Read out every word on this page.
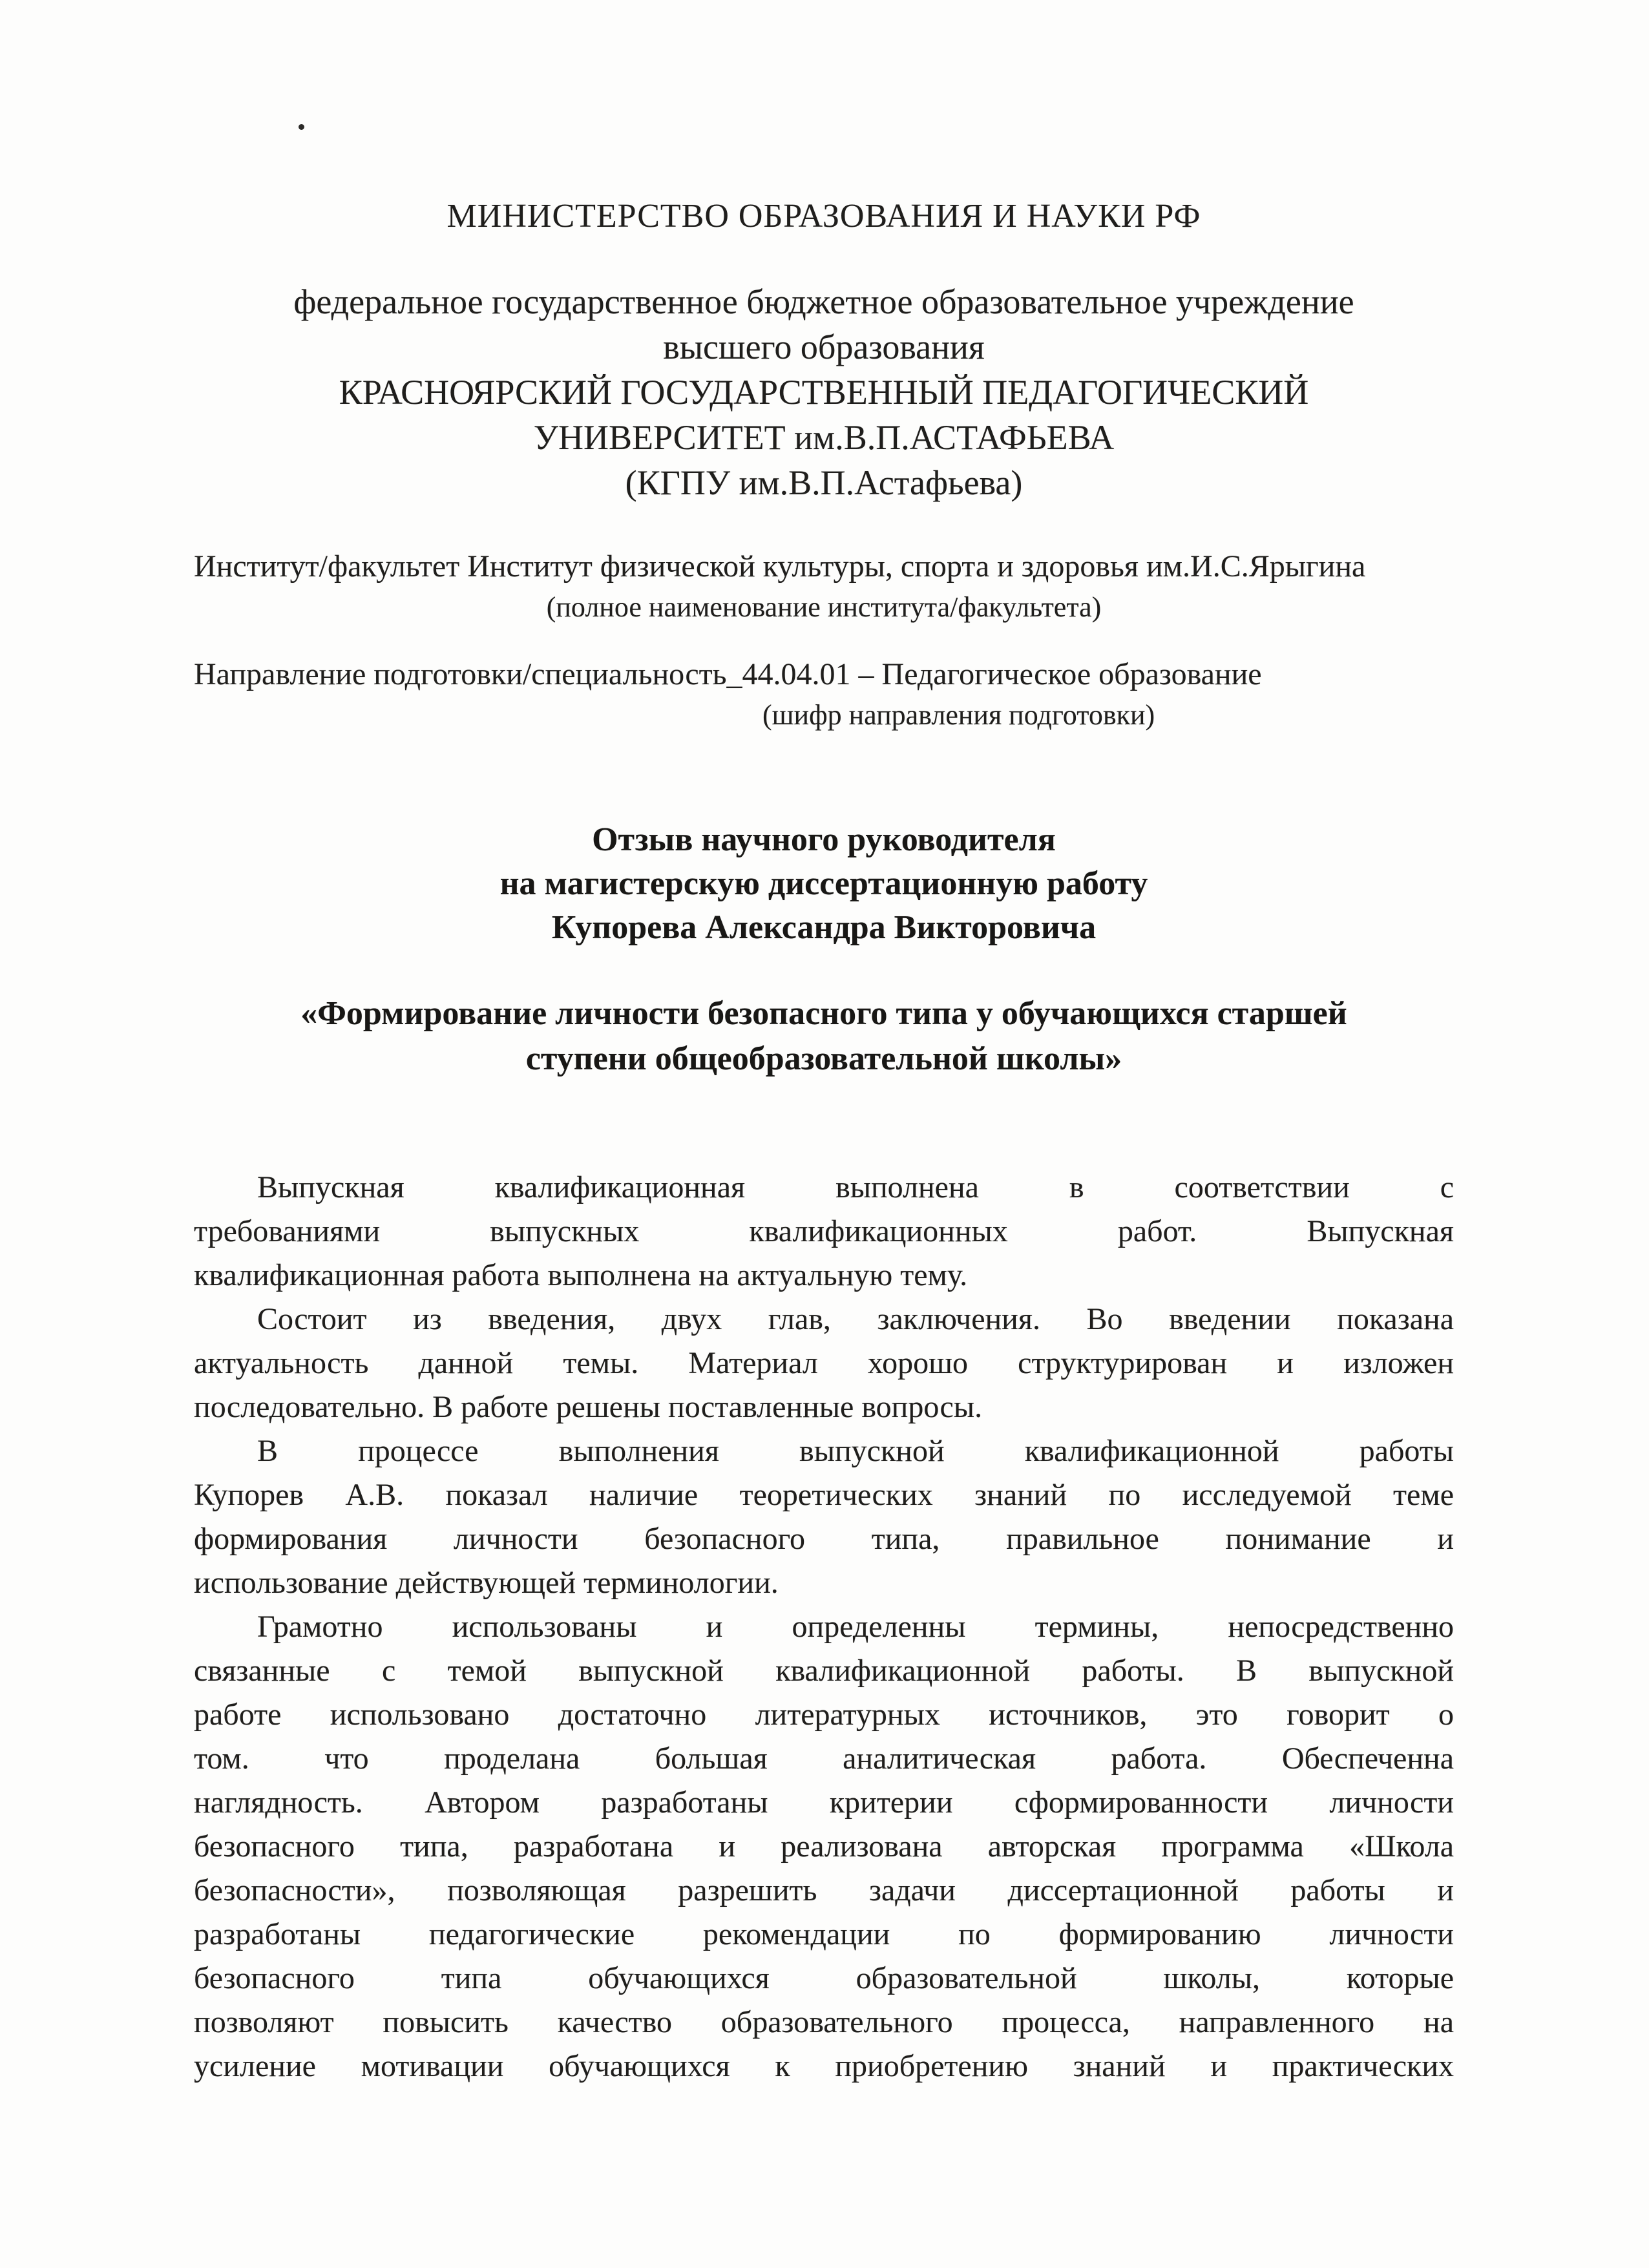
МИНИСТЕРСТВО ОБРАЗОВАНИЯ И НАУКИ РФ
федеральное государственное бюджетное образовательное учреждение
высшего образования
КРАСНОЯРСКИЙ ГОСУДАРСТВЕННЫЙ ПЕДАГОГИЧЕСКИЙ
УНИВЕРСИТЕТ им.В.П.АСТАФЬЕВА
(КГПУ им.В.П.Астафьева)
Институт/факультет Институт физической культуры, спорта и здоровья им.И.С.Ярыгина
(полное наименование института/факультета)
Направление подготовки/специальность_44.04.01 – Педагогическое образование
(шифр направления подготовки)
Отзыв научного руководителя
на магистерскую диссертационную работу
Купорева Александра Викторовича
«Формирование личности безопасного типа у обучающихся старшей
ступени общеобразовательной школы»
Выпускная квалификационная выполнена в соответствии с
требованиями выпускных квалификационных работ. Выпускная
квалификационная работа выполнена на актуальную тему.
Состоит из введения, двух глав, заключения. Во введении показана
актуальность данной темы. Материал хорошо структурирован и изложен
последовательно. В работе решены поставленные вопросы.
В процессе выполнения выпускной квалификационной работы
Купорев А.В. показал наличие теоретических знаний по исследуемой теме
формирования личности безопасного типа, правильное понимание и
использование действующей терминологии.
Грамотно использованы и определенны термины, непосредственно
связанные с темой выпускной квалификационной работы. В выпускной
работе использовано достаточно литературных источников, это говорит о
том. что проделана большая аналитическая работа. Обеспеченна
наглядность. Автором разработаны критерии сформированности личности
безопасного типа, разработана и реализована авторская программа «Школа
безопасности», позволяющая разрешить задачи диссертационной работы и
разработаны педагогические рекомендации по формированию личности
безопасного типа обучающихся образовательной школы, которые
позволяют повысить качество образовательного процесса, направленного на
усиление мотивации обучающихся к приобретению знаний и практических
